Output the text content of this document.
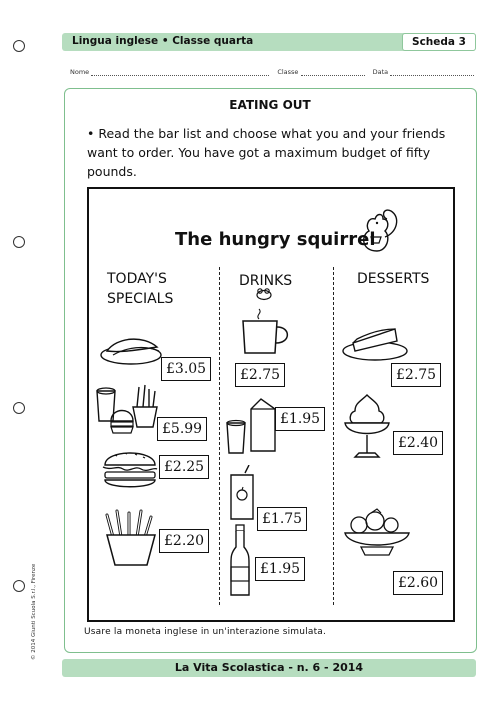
Lingua inglese • Classe quarta	Scheda 3
Nome	Classe	Data
EATING OUT
• Read the bar list and choose what you and your friends want to order. You have got a maximum budget of fifty pounds.
The hungry squirrel
TODAY'S
SPECIALS
DRINKS	DESSERTS
£3.05
£5.99
£2.25
£2.20
£2.75
£1.95
£1.75
£1.95
£2.75
£2.40
£2.60
Usare la moneta inglese in un'interazione simulata.
© 2014 Giunti Scuola S.r.l., Firenze
La Vita Scolastica - n. 6 - 2014
